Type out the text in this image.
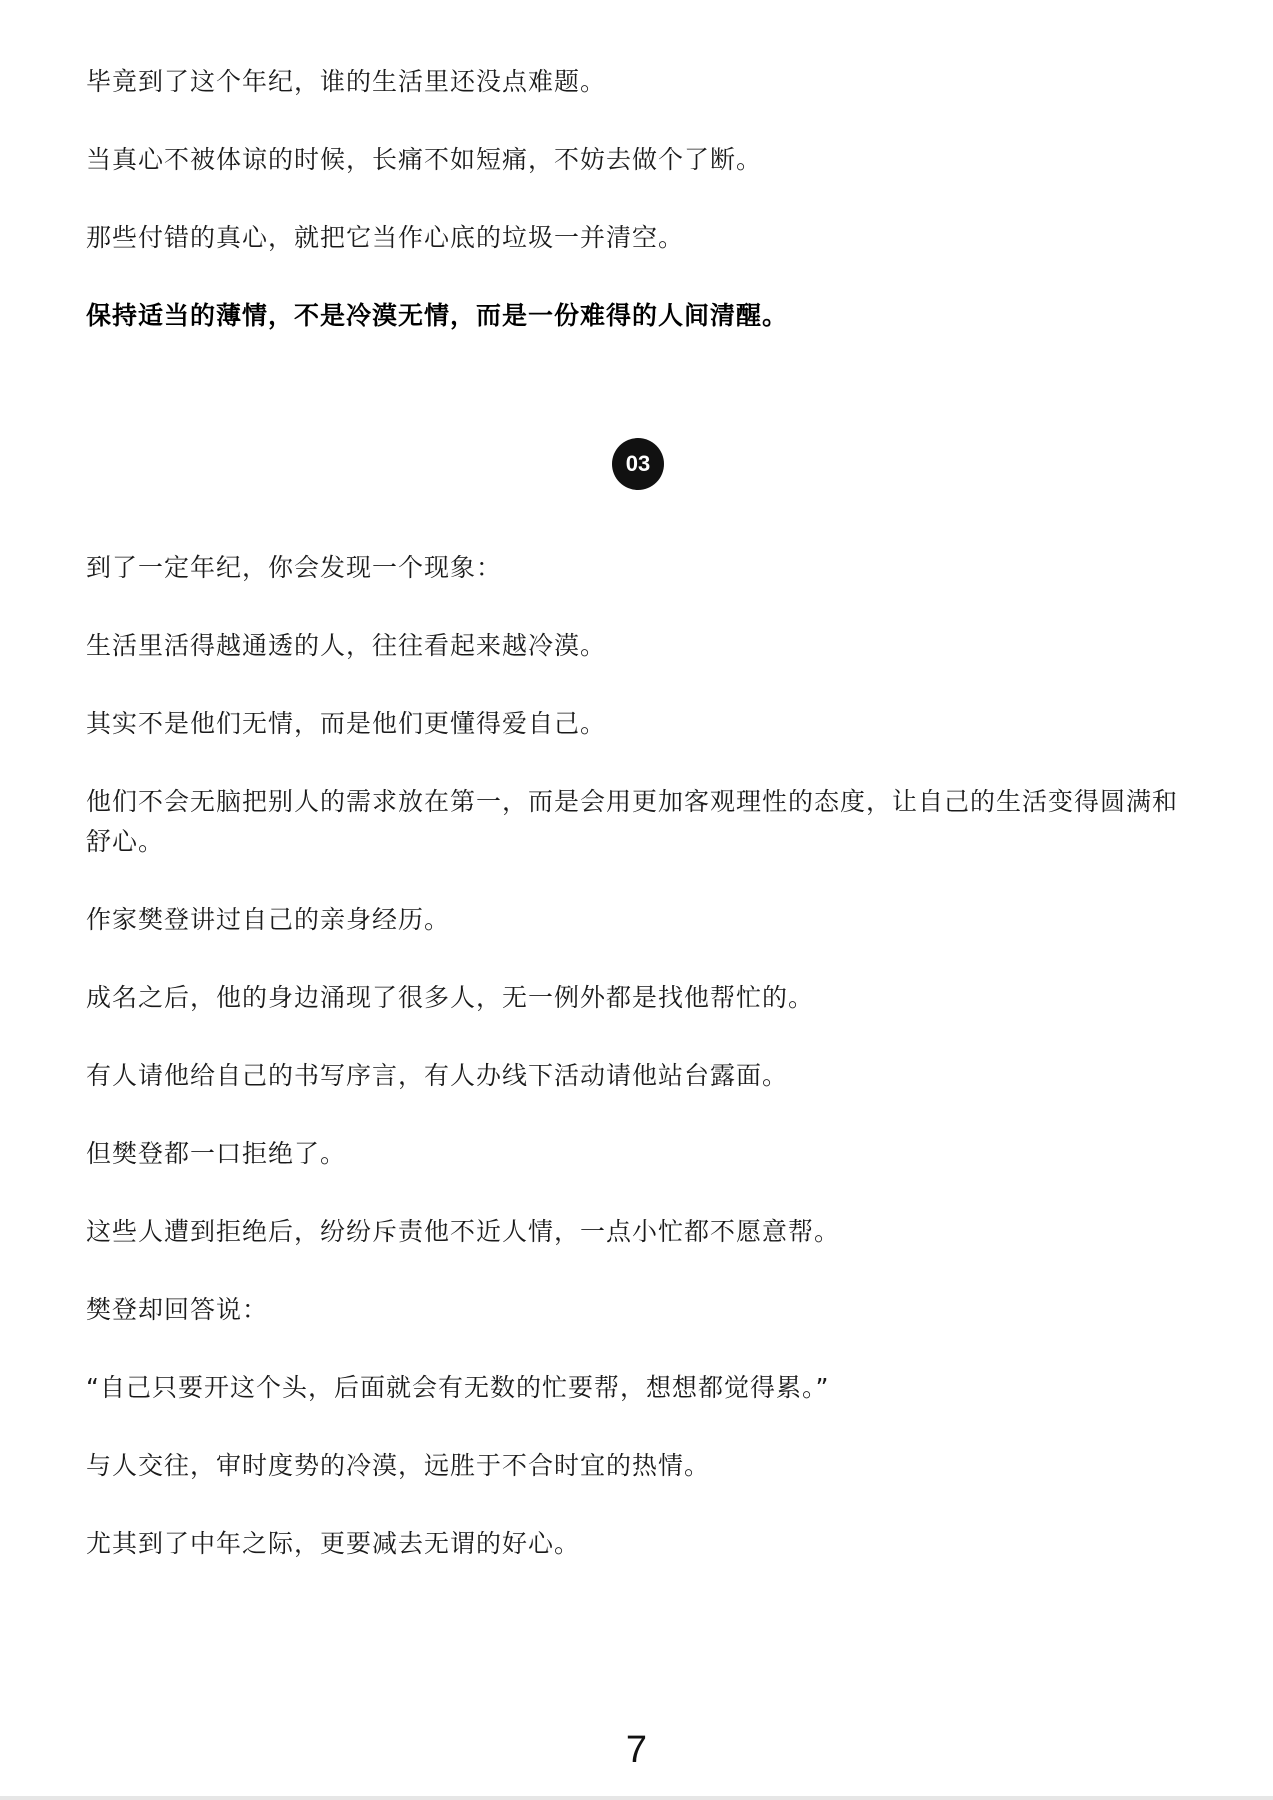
毕竟到了这个年纪，谁的生活里还没点难题。

当真心不被体谅的时候，长痛不如短痛，不妨去做个了断。

那些付错的真心，就把它当作心底的垃圾一并清空。

保持适当的薄情，不是冷漠无情，而是一份难得的人间清醒。

03

到了一定年纪，你会发现一个现象：

生活里活得越通透的人，往往看起来越冷漠。

其实不是他们无情，而是他们更懂得爱自己。

他们不会无脑把别人的需求放在第一，而是会用更加客观理性的态度，让自己的生活变得圆满和舒心。

作家樊登讲过自己的亲身经历。

成名之后，他的身边涌现了很多人，无一例外都是找他帮忙的。

有人请他给自己的书写序言，有人办线下活动请他站台露面。

但樊登都一口拒绝了。

这些人遭到拒绝后，纷纷斥责他不近人情，一点小忙都不愿意帮。

樊登却回答说：

“自己只要开这个头，后面就会有无数的忙要帮，想想都觉得累。”

与人交往，审时度势的冷漠，远胜于不合时宜的热情。

尤其到了中年之际，更要减去无谓的好心。

7
